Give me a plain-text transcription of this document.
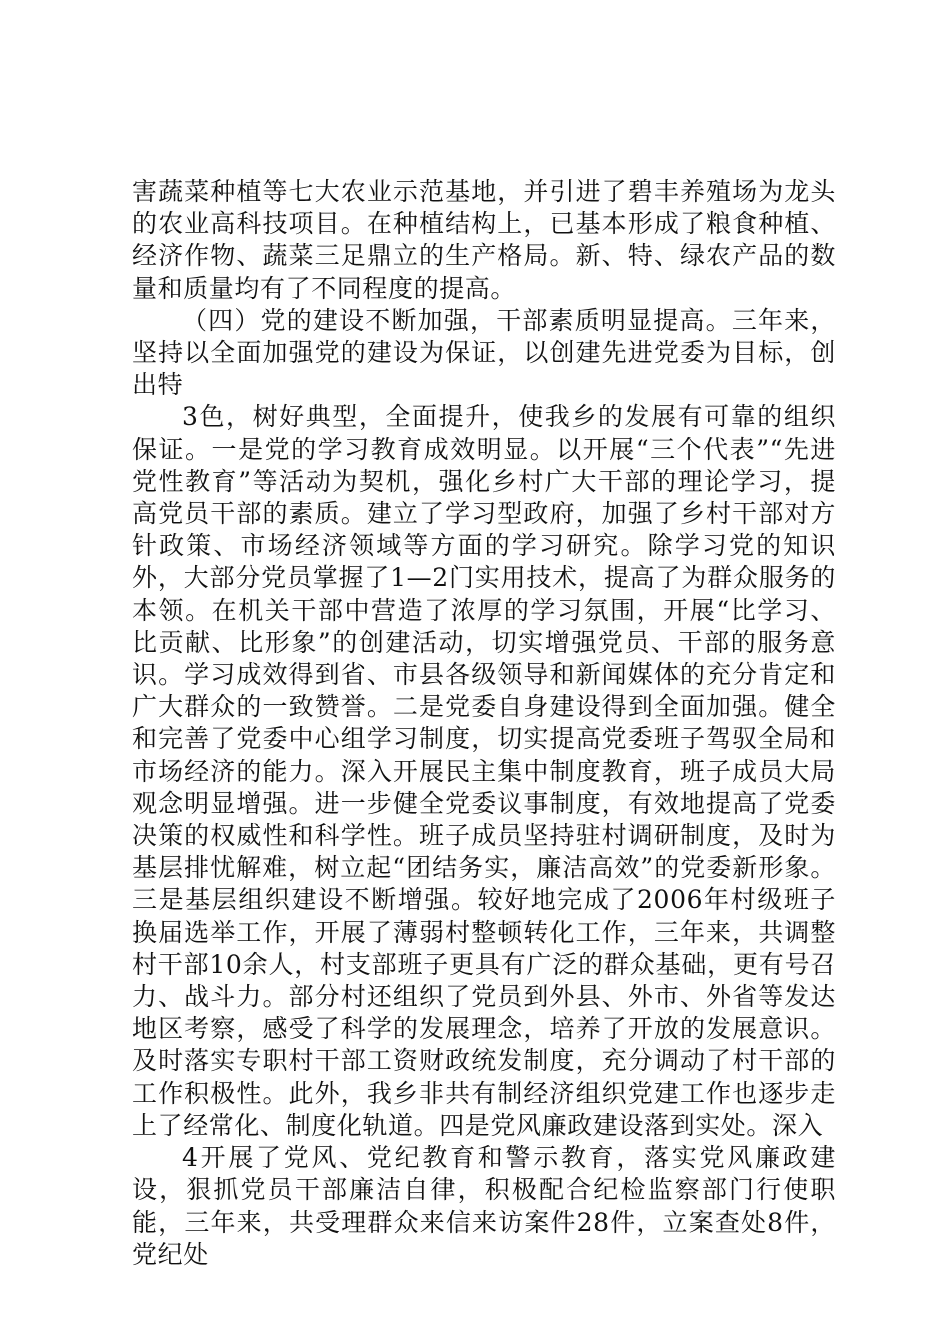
害蔬菜种植等七大农业示范基地，并引进了碧丰养殖场为龙头的农业高科技项目。在种植结构上，已基本形成了粮食种植、经济作物、蔬菜三足鼎立的生产格局。新、特、绿农产品的数量和质量均有了不同程度的提高。

（四）党的建设不断加强，干部素质明显提高。三年来，坚持以全面加强党的建设为保证，以创建先进党委为目标，创出特

3色，树好典型，全面提升，使我乡的发展有可靠的组织保证。一是党的学习教育成效明显。以开展“三个代表”“先进党性教育”等活动为契机，强化乡村广大干部的理论学习，提高党员干部的素质。建立了学习型政府，加强了乡村干部对方针政策、市场经济领域等方面的学习研究。除学习党的知识外，大部分党员掌握了1—2门实用技术，提高了为群众服务的本领。在机关干部中营造了浓厚的学习氛围，开展“比学习、比贡献、比形象”的创建活动，切实增强党员、干部的服务意识。学习成效得到省、市县各级领导和新闻媒体的充分肯定和广大群众的一致赞誉。二是党委自身建设得到全面加强。健全和完善了党委中心组学习制度，切实提高党委班子驾驭全局和市场经济的能力。深入开展民主集中制度教育，班子成员大局观念明显增强。进一步健全党委议事制度，有效地提高了党委决策的权威性和科学性。班子成员坚持驻村调研制度，及时为基层排忧解难，树立起“团结务实，廉洁高效”的党委新形象。三是基层组织建设不断增强。较好地完成了2006年村级班子换届选举工作，开展了薄弱村整顿转化工作，三年来，共调整村干部10余人，村支部班子更具有广泛的群众基础，更有号召力、战斗力。部分村还组织了党员到外县、外市、外省等发达地区考察，感受了科学的发展理念，培养了开放的发展意识。及时落实专职村干部工资财政统发制度，充分调动了村干部的工作积极性。此外，我乡非共有制经济组织党建工作也逐步走上了经常化、制度化轨道。四是党风廉政建设落到实处。深入

4开展了党风、党纪教育和警示教育，落实党风廉政建设，狠抓党员干部廉洁自律，积极配合纪检监察部门行使职能，三年来，共受理群众来信来访案件28件，立案查处8件，党纪处
